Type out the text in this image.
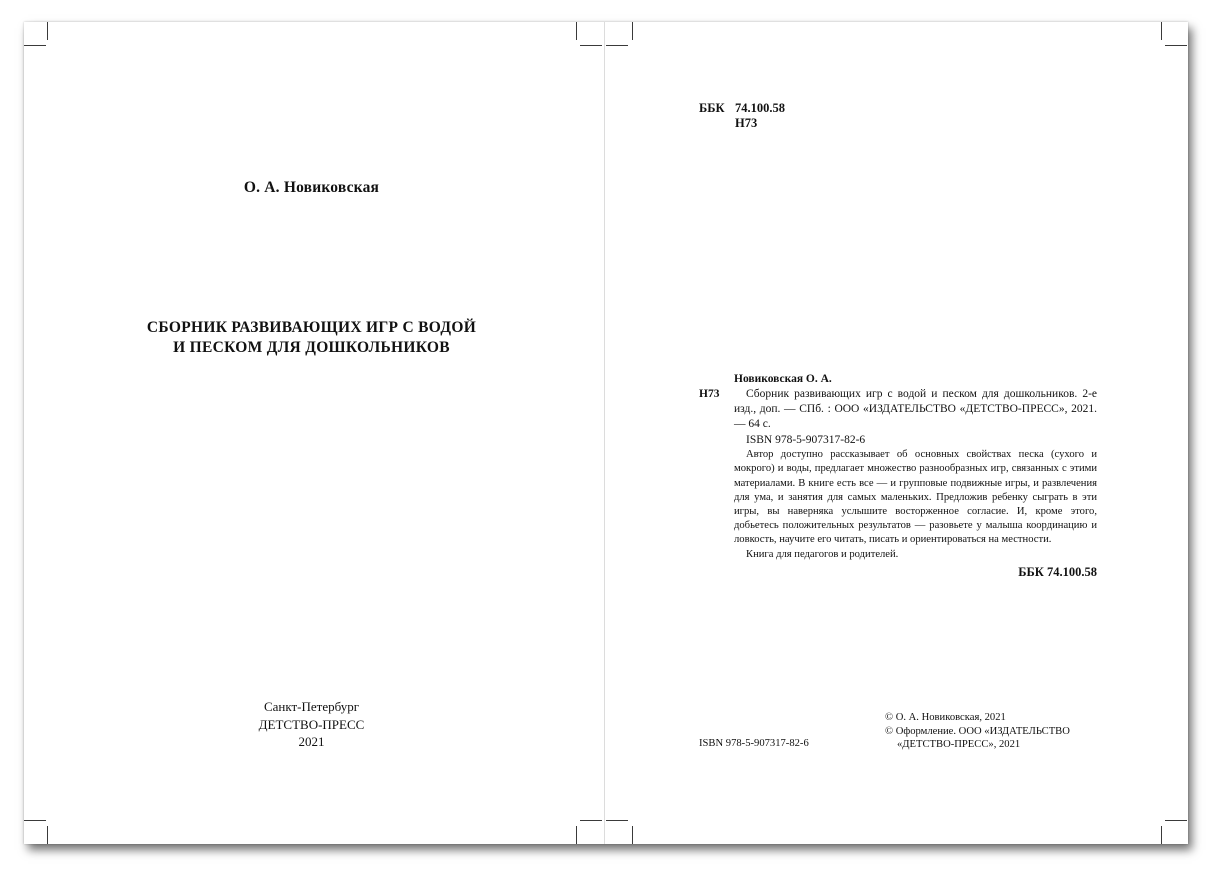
О. А. Новиковская
СБОРНИК РАЗВИВАЮЩИХ ИГР С ВОДОЙ
И ПЕСКОМ ДЛЯ ДОШКОЛЬНИКОВ
Санкт-Петербург
ДЕТСТВО-ПРЕСС
2021
ББК 74.100.58
Н73
Новиковская О. А.
Н73	Сборник развивающих игр с водой и песком для дошкольников. 2-е изд., доп. — СПб. : ООО «ИЗДАТЕЛЬСТВО «ДЕТСТВО-ПРЕСС», 2021. — 64 с.
ISBN 978-5-907317-82-6

Автор доступно рассказывает об основных свойствах песка (сухого и мокрого) и воды, предлагает множество разнообразных игр, связанных с этими материалами. В книге есть все — и групповые подвижные игры, и развлечения для ума, и занятия для самых маленьких. Предложив ребенку сыграть в эти игры, вы наверняка услышите восторженное согласие. И, кроме этого, добьетесь положительных результатов — разовьете у малыша координацию и ловкость, научите его читать, писать и ориентироваться на местности.

Книга для педагогов и родителей.

ББК 74.100.58
ISBN 978-5-907317-82-6
© О. А. Новиковская, 2021
© Оформление. ООО «ИЗДАТЕЛЬСТВО
«ДЕТСТВО-ПРЕСС», 2021
